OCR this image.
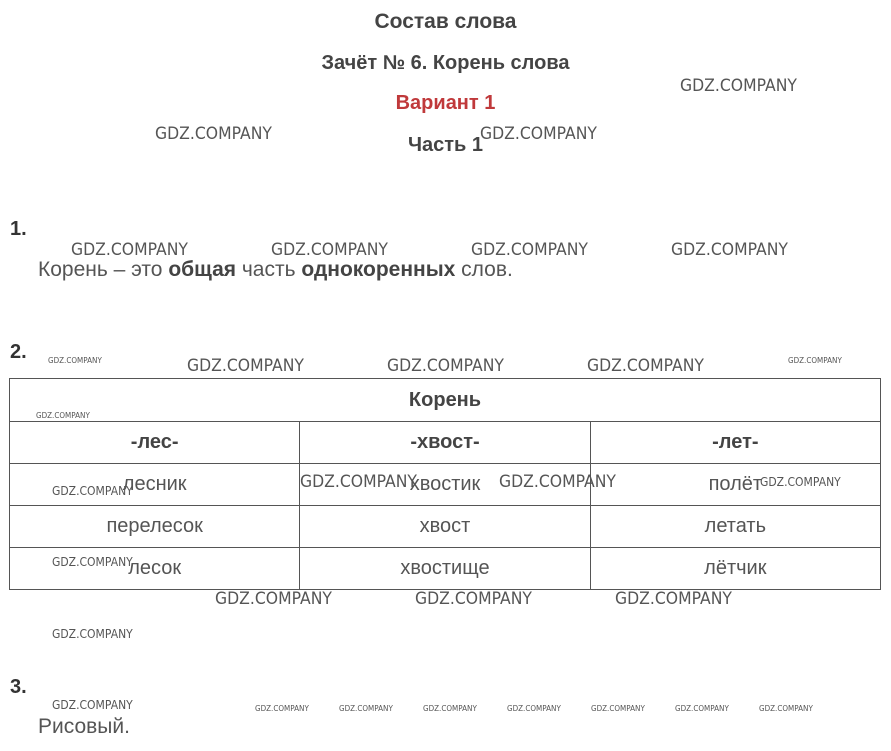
Состав слова
Зачёт № 6. Корень слова
Вариант 1
Часть 1
1.
Корень – это общая часть однокоренных слов.
2.
Корень		
-лес-	-хвост-	-лет-
лесник	хвостик	полёт
перелесок	хвост	летать
лесок	хвостище	лётчик
3.
Рисовый.
GDZ.COMPANY
GDZ.COMPANY	GDZ.COMPANY
GDZ.COMPANY	GDZ.COMPANY	GDZ.COMPANY	GDZ.COMPANY
GDZ.COMPANY	GDZ.COMPANY	GDZ.COMPANY	GDZ.COMPANY	GDZ.COMPANY
GDZ.COMPANY
GDZ.COMPANY	GDZ.COMPANY	GDZ.COMPANY
GDZ.COMPANY
GDZ.COMPANY
GDZ.COMPANY	GDZ.COMPANY	GDZ.COMPANY
GDZ.COMPANY
GDZ.COMPANY	GDZ.COMPANY	GDZ.COMPANY	GDZ.COMPANY	GDZ.COMPANY	GDZ.COMPANY	GDZ.COMPANY	GDZ.COMPANY
